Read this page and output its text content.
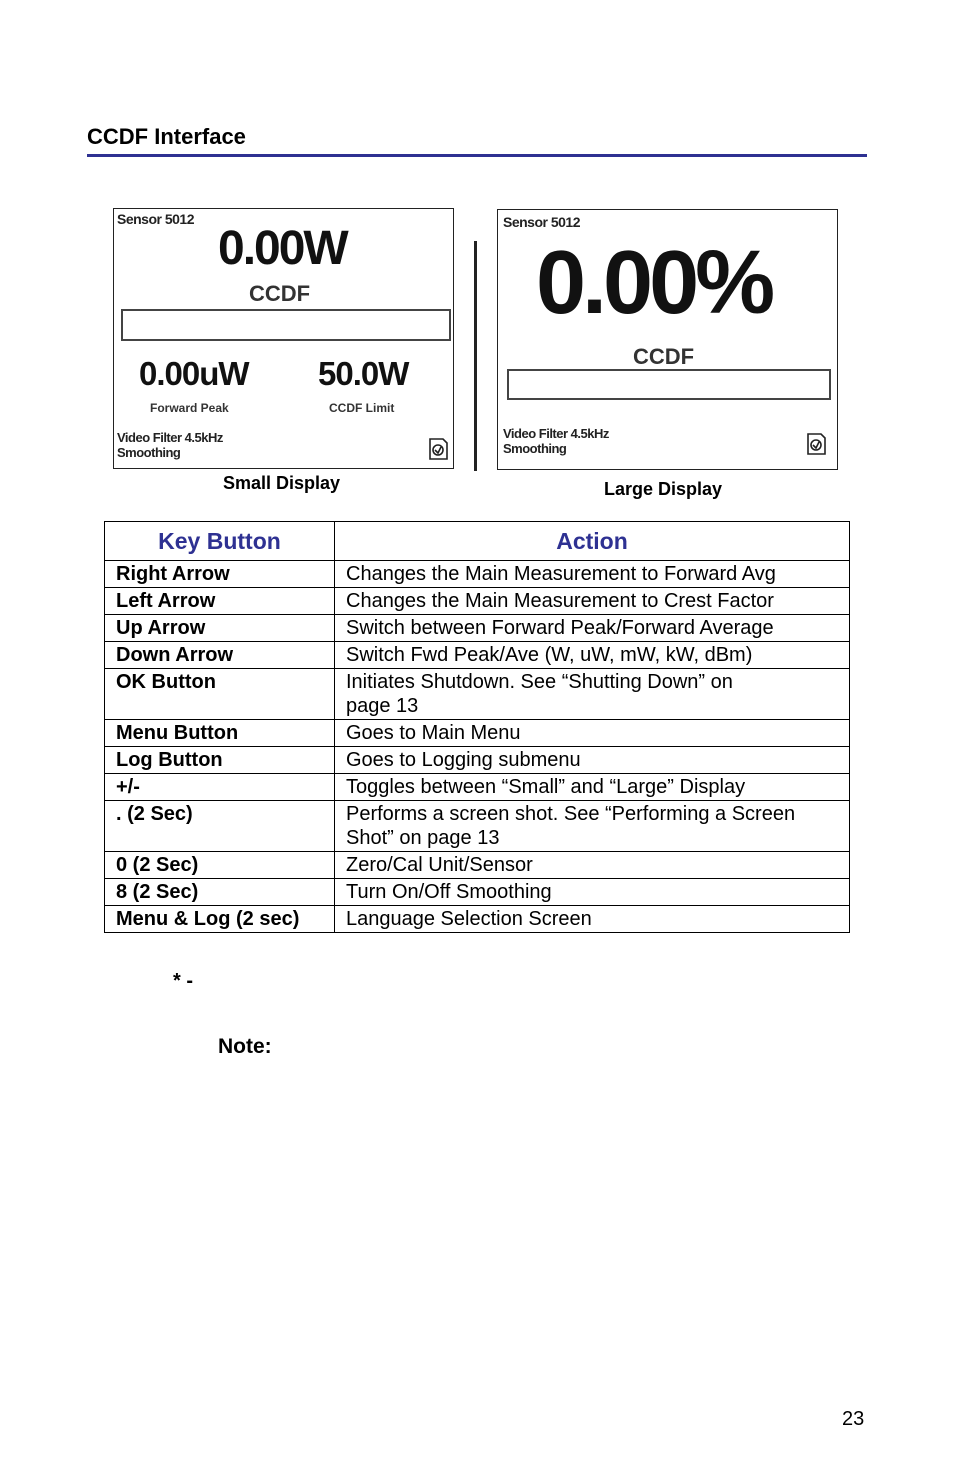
CCDF Interface
Sensor 5012
0.00W
CCDF
0.00uW
Forward Peak
50.0W
CCDF Limit
Video Filter 4.5kHz
Smoothing
Sensor 5012
0.00%
CCDF
Video Filter 4.5kHz
Smoothing
Small Display	Large Display
Key Button	Action
Right Arrow	Changes the Main Measurement to Forward Avg
Left Arrow	Changes the Main Measurement to Crest Factor
Up Arrow	Switch between Forward Peak/Forward Average
Down Arrow	Switch Fwd Peak/Ave (W, uW, mW, kW, dBm)
OK Button	Initiates Shutdown. See “Shutting Down” on page 13
Menu Button	Goes to Main Menu
Log Button	Goes to Logging submenu
+/-	Toggles between “Small” and “Large” Display
. (2 Sec)	Performs a screen shot. See “Performing a Screen Shot” on page 13
0 (2 Sec)	Zero/Cal Unit/Sensor
8 (2 Sec)	Turn On/Off Smoothing
Menu & Log (2 sec)	Language Selection Screen
* -
Note:
23
